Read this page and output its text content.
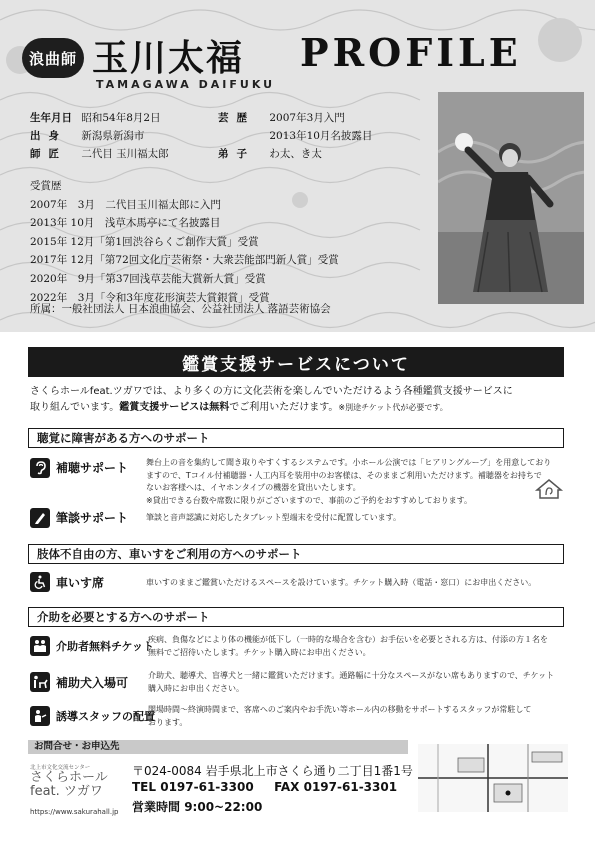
浪曲師 玉川太福
TAMAGAWA DAIFUKU
PROFILE
生年月日 昭和54年8月2日
出身 新潟県新潟市
師匠 二代目 玉川福太郎
芸歴 2007年3月入門
2013年10月名披露目
弟子 わ太、き太
受賞歴
2007年　3月　二代目玉川福太郎に入門
2013年 10月　浅草木馬亭にて名披露目
2015年 12月「第1回渋谷らくご創作大賞」受賞
2017年 12月「第72回文化庁芸術祭・大衆芸能部門新人賞」受賞
2020年　9月「第37回浅草芸能大賞新人賞」受賞
2022年　3月「令和3年度花形演芸大賞銀賞」受賞
所属：一般社団法人 日本浪曲協会、公益社団法人 落語芸術協会
鑑賞支援サービスについて
さくらホールfeat.ツガワでは、より多くの方に文化芸術を楽しんでいただけるよう各種鑑賞支援サービスに
取り組んでいます。鑑賞支援サービスは無料でご利用いただけます。※別途チケット代が必要です。
聴覚に障害がある方へのサポート
補聴サポート 舞台上の音を集約して聞き取りやすくするシステムです。小ホール公演では「ヒアリングループ」を用意しており
ますので、Tコイル付補聴器・人工内耳を装用中のお客様は、そのままご利用いただけます。補聴器をお持ちで
ないお客様へは、イヤホンタイプの機器を貸出いたします。
※貸出できる台数や席数に限りがございますので、事前のご予約をおすすめしております。
筆談サポート 筆談と音声認識に対応したタブレット型端末を受付に配置しています。
肢体不自由の方、車いすをご利用の方へのサポート
車いす席	車いすのままご鑑賞いただけるスペースを設けています。チケット購入時（電話・窓口）にお申出ください。
介助を必要とする方へのサポート
介助者無料チケット
疾病、負傷などにより体の機能が低下し（一時的な場合を含む）お手伝いを必要とされる方は、付添の方１名を
無料でご招待いたします。チケット購入時にお申出ください。
補助犬入場可
介助犬、聴導犬、盲導犬と一緒に鑑賞いただけます。通路幅に十分なスペースがない席もありますので、チケット
購入時にお申出ください。
誘導スタッフの配置
開場時間～終演時間まで、客席へのご案内やお手洗い等ホール内の移動をサポートするスタッフが常駐して
おります。
お問合せ・お申込先
北上市文化交流センター
さくらホール
feat. ツガワ
https://www.sakurahall.jp
〒024-0084 岩手県北上市さくら通り二丁目1番1号
TEL 0197-61-3300 FAX 0197-61-3301
営業時間 9:00~22:00
